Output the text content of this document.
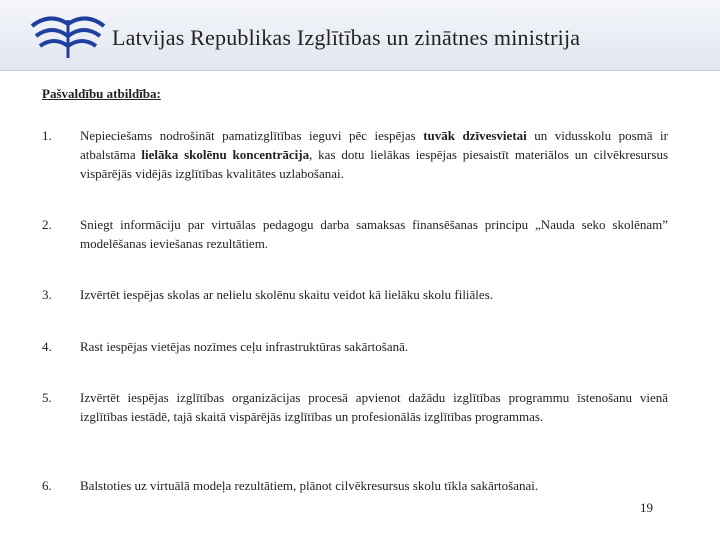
Latvijas Republikas Izglītības un zinātnes ministrija
Pašvaldību atbildība:
1.	Nepieciešams nodrošināt pamatizglītības ieguvi pēc iespējas tuvāk dzīvesvietai un vidusskolu posmā ir atbalstāma lielāka skolēnu koncentrācija, kas dotu lielākas iespējas piesaistīt materiālos un cilvēkresursus vispārējās vidējās izglītības kvalitātes uzlabošanai.
2.	Sniegt informāciju par virtuālas pedagogu darba samaksas finansēšanas principu „Nauda seko skolēnam” modelēšanas ieviešanas rezultātiem.
3.	Izvērtēt iespējas skolas ar nelielu skolēnu skaitu veidot kā lielāku skolu filiāles.
4.	Rast iespējas vietējas nozīmes ceļu infrastruktūras sakārtošanā.
5.	Izvērtēt iespējas izglītības organizācijas procesā apvienot dažādu izglītības programmu īstenošanu vienā izglītības iestādē, tajā skaitā vispārējās izglītības un profesionālās izglītības programmas.
6.	Balstoties uz virtuālā modeļa rezultātiem, plānot cilvēkresursus skolu tīkla sakārtošanai.
19
